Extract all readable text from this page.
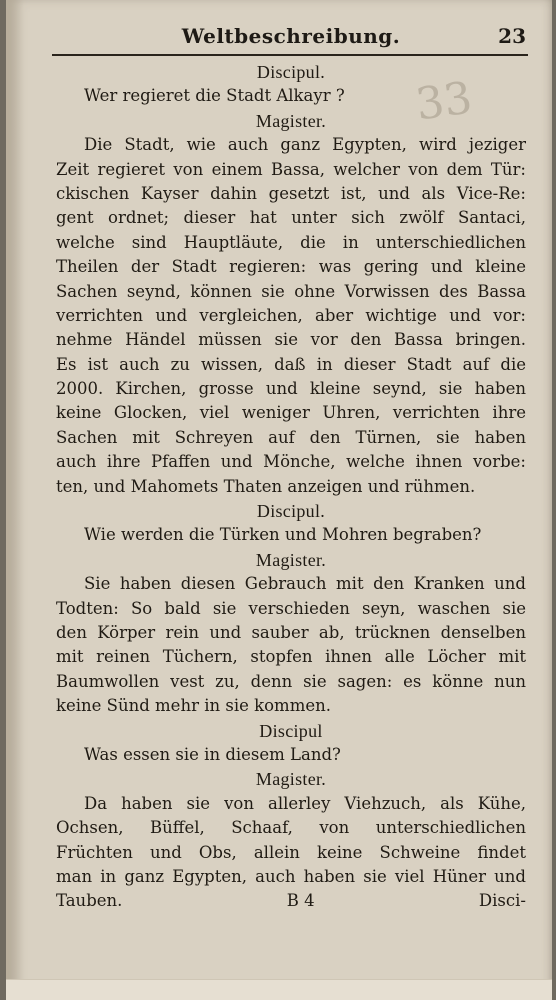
Weltbeschreibung.	23
33
Discipul.
Wer regieret die Stadt Alkayr ?
Magister.
Die Stadt, wie auch ganz Egypten, wird jeziger
Zeit regieret von einem Bassa, welcher von dem Tür:
ckischen Kayser dahin gesetzt ist, und als Vice-Re:
gent ordnet; dieser hat unter sich zwölf Santaci,
welche sind Hauptläute, die in unterschiedlichen
Theilen der Stadt regieren: was gering und kleine
Sachen seynd, können sie ohne Vorwissen des Bassa
verrichten und vergleichen, aber wichtige und vor:
nehme Händel müssen sie vor den Bassa bringen.
Es ist auch zu wissen, daß in dieser Stadt auf die
2000. Kirchen, grosse und kleine seynd, sie haben
keine Glocken, viel weniger Uhren, verrichten ihre
Sachen mit Schreyen auf den Türnen, sie haben
auch ihre Pfaffen und Mönche, welche ihnen vorbe:
ten, und Mahomets Thaten anzeigen und rühmen.
Discipul.
Wie werden die Türken und Mohren begraben?
Magister.
Sie haben diesen Gebrauch mit den Kranken und
Todten: So bald sie verschieden seyn, waschen sie
den Körper rein und sauber ab, trücknen denselben
mit reinen Tüchern, stopfen ihnen alle Löcher mit
Baumwollen vest zu, denn sie sagen: es könne nun
keine Sünd mehr in sie kommen.
Discipul
Was essen sie in diesem Land?
Magister.
Da haben sie von allerley Viehzuch, als Kühe,
Ochsen, Büffel, Schaaf, von unterschiedlichen
Früchten und Obs, allein keine Schweine findet
man in ganz Egypten, auch haben sie viel Hüner und
Tauben.	B 4	Disci-
